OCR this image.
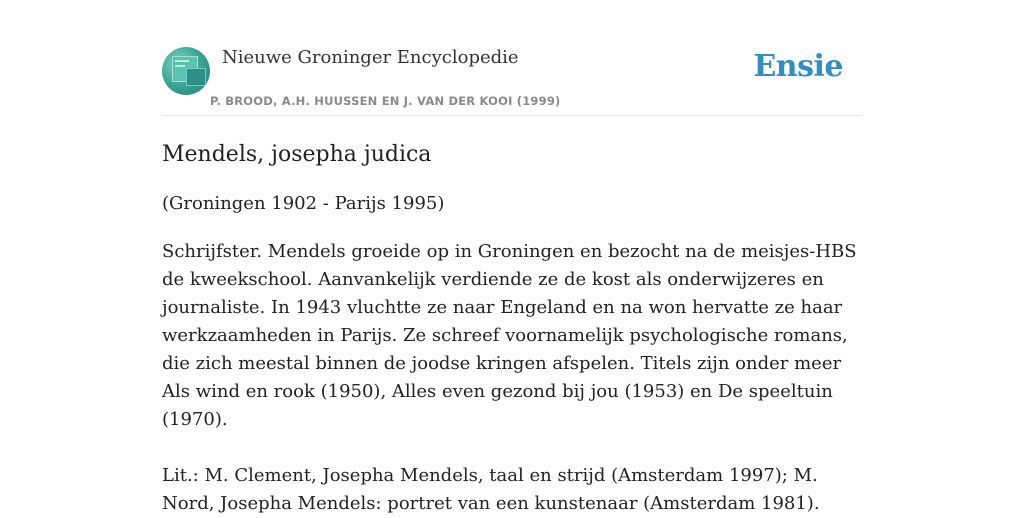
Nieuwe Groninger Encyclopedie
P. BROOD, A.H. HUUSSEN EN J. VAN DER KOOI (1999)
Ensie
Mendels, josepha judica
(Groningen 1902 - Parijs 1995)
Schrijfster. Mendels groeide op in Groningen en bezocht na de meisjes-HBS de kweekschool. Aanvankelijk verdiende ze de kost als onderwijzeres en journaliste. In 1943 vluchtte ze naar Engeland en na won hervatte ze haar werkzaamheden in Parijs. Ze schreef voornamelijk psychologische romans, die zich meestal binnen de joodse kringen afspelen. Titels zijn onder meer Als wind en rook (1950), Alles even gezond bij jou (1953) en De speeltuin (1970).
Lit.: M. Clement, Josepha Mendels, taal en strijd (Amsterdam 1997); M. Nord, Josepha Mendels: portret van een kunstenaar (Amsterdam 1981).
